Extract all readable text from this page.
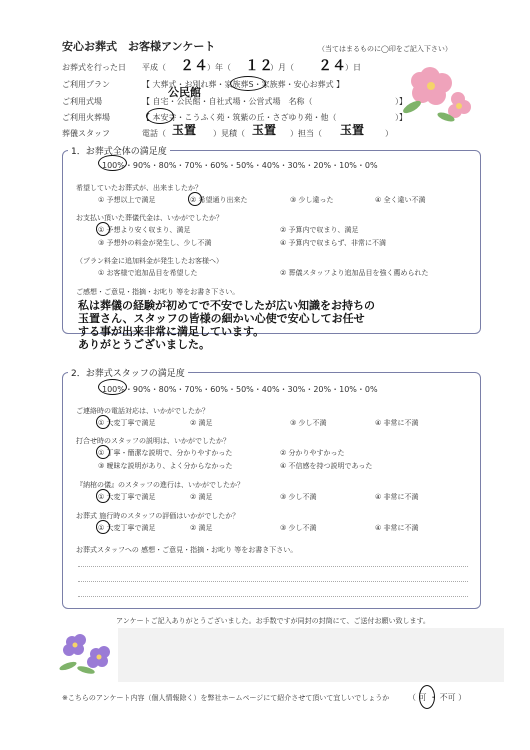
安心お葬式　お客様アンケート	（当てはまるものに◯印をご記入下さい）
お葬式を行った日 平成（ ２４ ）年（ １２
）月（ ２４ ）日
ご利用プラン	【 大葬式・お別れ葬・家族葬S・家族葬・安心お葬式 】
ご利用式場	【 自宅・公民館・自社式場・公営式場　名称（
公民館
）】
ご利用火葬場	【 本安寺・こうふく苑・筑紫の丘・さざゆり苑・他（	）】
葬儀スタッフ	電話（ 玉置 ）見積（ 玉置 ）担当（ 玉置	）
1．お葬式全体の満足度
100%・90%・80%・70%・60%・50%・40%・30%・20%・10%・0%
希望していたお葬式が、出来ましたか？
① 予想以上で満足	② 希望通り出来た	③ 少し違った	④ 全く違い不満
お支払い頂いた葬儀代金は、いかがでしたか？
① 予想より安く収まり、満足	② 予算内で収まり、満足
③ 予想外の料金が発生し、少し不満	④ 予算内で収まらず、非常に不満
（プラン料金に追加料金が発生したお客様へ）
① お客様で追加品目を希望した	② 葬儀スタッフより追加品目を強く薦められた
ご感想・ご意見・指摘・お叱り 等をお書き下さい。
私は葬儀の経験が初めてで不安でしたが広い知識をお持ちの
玉置さん、スタッフの皆様の細かい心使で安心してお任せ
する事が出来非常に満足しています。
ありがとうございました。
2．お葬式スタッフの満足度
100%・90%・80%・70%・60%・50%・40%・30%・20%・10%・0%
ご連絡時の電話対応は、いかがでしたか？
① 大変丁寧で満足	② 満足	③ 少し不満	④ 非常に不満
打合せ時のスタッフの説明は、いかがでしたか？
① 丁寧・簡潔な説明で、分かりやすかった	② 分かりやすかった
③ 曖昧な説明があり、よく分からなかった	④ 不信感を持つ説明であった
『納棺の儀』のスタッフの進行は、いかがでしたか？
① 大変丁寧で満足	② 満足	③ 少し不満	④ 非常に不満
お葬式 施行時のスタッフの評価はいかがでしたか？
① 大変丁寧で満足	② 満足	③ 少し不満	④ 非常に不満
お葬式スタッフへの 感想・ご意見・指摘・お叱り 等をお書き下さい。
アンケートご記入ありがとうございました。お手数ですが同封の封筒にて、ご送付お願い致します。
※こちらのアンケート内容（個人情報除く）を弊社ホームページにて紹介させて頂いて宜しいでしょうか （ 可 ・ 不可 ）
